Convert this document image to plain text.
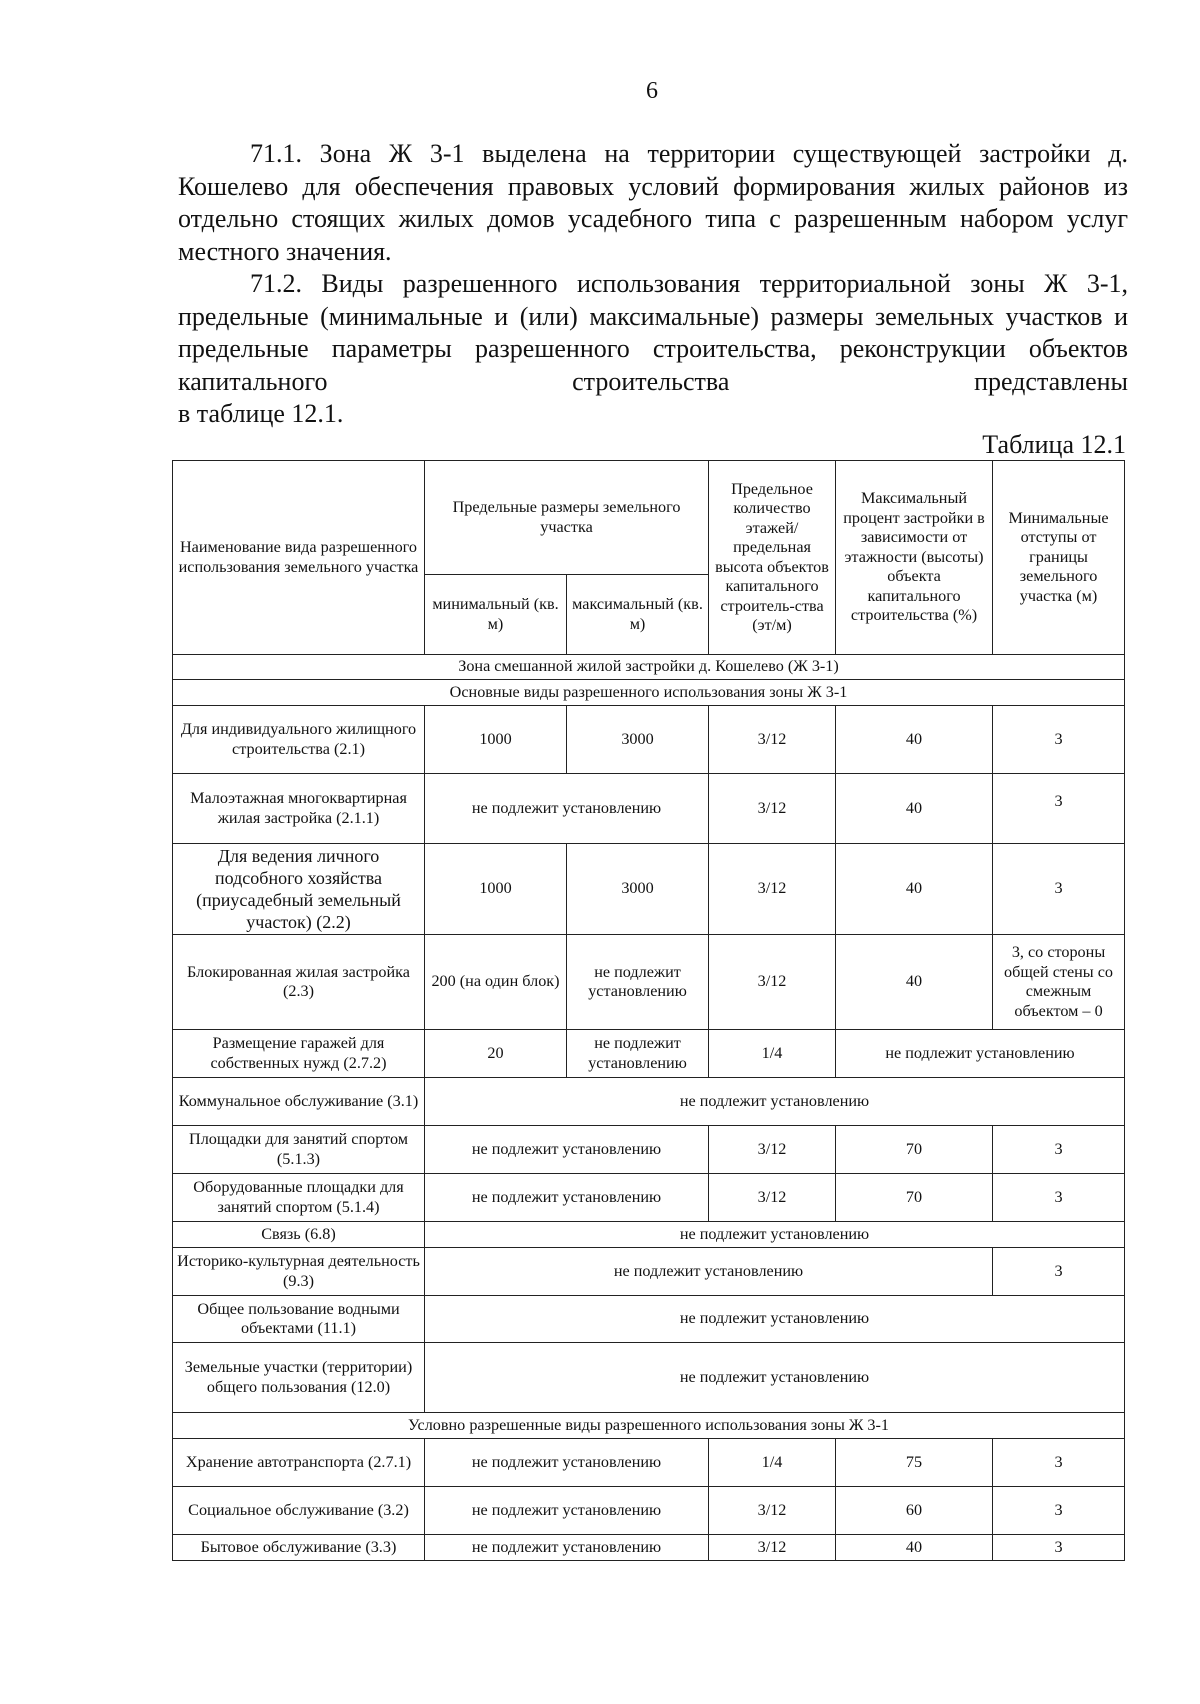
6

71.1. Зона Ж 3-1 выделена на территории существующей застройки д. Кошелево для обеспечения правовых условий формирования жилых районов из отдельно стоящих жилых домов усадебного типа с разрешенным набором услуг местного значения.

71.2. Виды разрешенного использования территориальной зоны Ж 3-1, предельные (минимальные и (или) максимальные) размеры земельных участков и предельные параметры разрешенного строительства, реконструкции объектов капитального строительства представлены

в таблице 12.1.

Таблица 12.1
Наименование вида разрешенного использования земельного участка	Предельные размеры земельного участка		Предельное количество этажей/предельная высота объектов капитального строитель-ства (эт/м)	Максимальный процент застройки в зависимости от этажности (высоты) объекта капитального строительства (%)	Минимальные отступы от границы земельного участка (м)
	минимальный (кв. м)	максимальный (кв. м)			
Зона смешанной жилой застройки д. Кошелево (Ж 3-1)					
Основные виды разрешенного использования зоны Ж 3-1					
Для индивидуального жилищного строительства (2.1)	1000	3000	3/12	40	3
Малоэтажная многоквартирная жилая застройка (2.1.1)	не подлежит установлению		3/12	40	3
Для ведения личного подсобного хозяйства (приусадебный земельный участок) (2.2)	1000	3000	3/12	40	3
Блокированная жилая застройка (2.3)	200 (на один блок)	не подлежит установлению	3/12	40	3, со стороны общей стены со смежным объектом – 0
Размещение гаражей для собственных нужд (2.7.2)	20	не подлежит установлению	1/4	не подлежит установлению	
Коммунальное обслуживание (3.1)	не подлежит установлению				
Площадки для занятий спортом (5.1.3)	не подлежит установлению		3/12	70	3
Оборудованные площадки для занятий спортом (5.1.4)	не подлежит установлению		3/12	70	3
Связь (6.8)	не подлежит установлению				
Историко-культурная деятельность (9.3)	не подлежит установлению				3
Общее пользование водными объектами (11.1)	не подлежит установлению				
Земельные участки (территории) общего пользования (12.0)	не подлежит установлению				
Условно разрешенные виды разрешенного использования зоны Ж 3-1					
Хранение автотранспорта (2.7.1)	не подлежит установлению		1/4	75	3
Социальное обслуживание (3.2)	не подлежит установлению		3/12	60	3
Бытовое обслуживание (3.3)	не подлежит установлению		3/12	40	3
